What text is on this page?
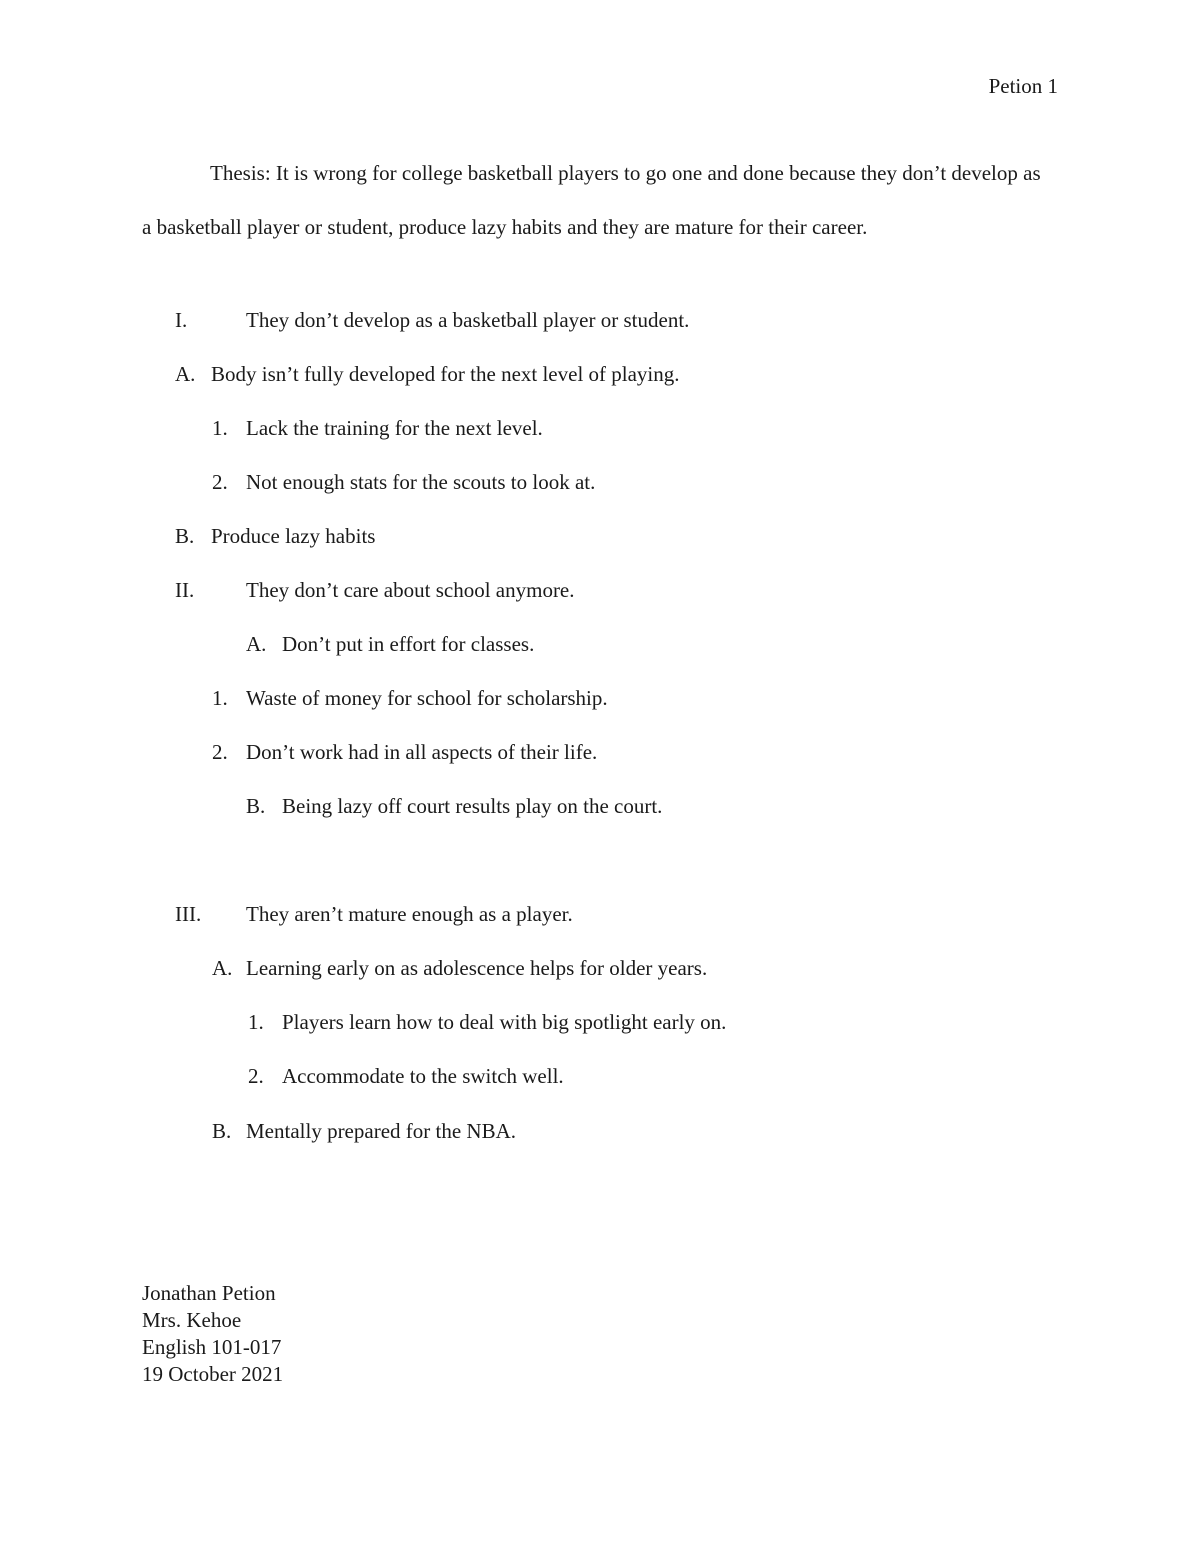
Petion 1
Thesis: It is wrong for college basketball players to go one and done because they don’t develop as a basketball player or student, produce lazy habits and they are mature for their career.
I.	They don’t develop as a basketball player or student.
A. Body isn’t fully developed for the next level of playing.
1. Lack the training for the next level.
2. Not enough stats for the scouts to look at.
B. Produce lazy habits
II. They don’t care about school anymore.
A. Don’t put in effort for classes.
1. Waste of money for school for scholarship.
2. Don’t work had in all aspects of their life.
B. Being lazy off court results play on the court.
III. They aren’t mature enough as a player.
A. Learning early on as adolescence helps for older years.
1. Players learn how to deal with big spotlight early on.
2. Accommodate to the switch well.
B. Mentally prepared for the NBA.
Jonathan Petion
Mrs. Kehoe
English 101-017
19 October 2021
